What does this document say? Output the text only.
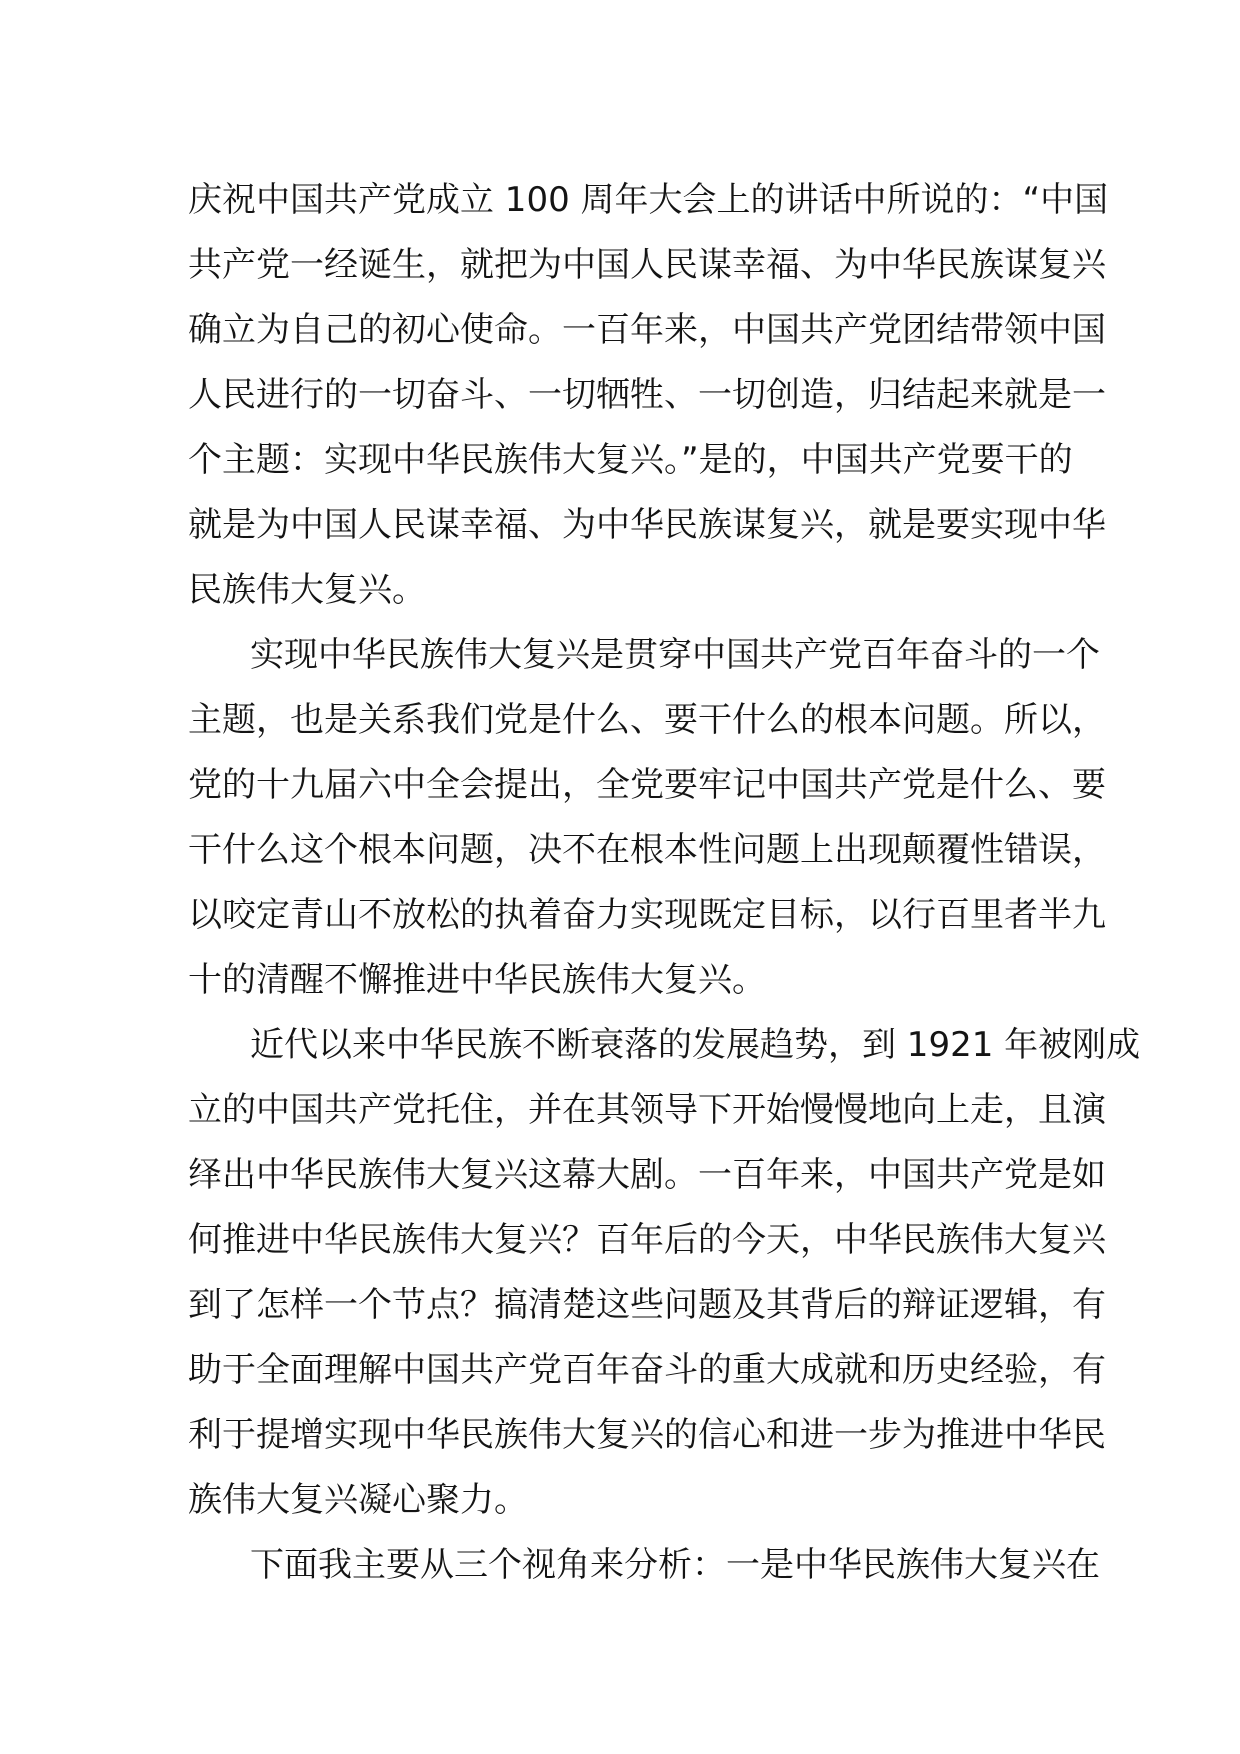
庆祝中国共产党成立 100 周年大会上的讲话中所说的：“中国
共产党一经诞生，就把为中国人民谋幸福、为中华民族谋复兴
确立为自己的初心使命。一百年来，中国共产党团结带领中国
人民进行的一切奋斗、一切牺牲、一切创造，归结起来就是一
个主题：实现中华民族伟大复兴。”是的，中国共产党要干的
就是为中国人民谋幸福、为中华民族谋复兴，就是要实现中华
民族伟大复兴。
实现中华民族伟大复兴是贯穿中国共产党百年奋斗的一个
主题，也是关系我们党是什么、要干什么的根本问题。所以，
党的十九届六中全会提出，全党要牢记中国共产党是什么、要
干什么这个根本问题，决不在根本性问题上出现颠覆性错误，
以咬定青山不放松的执着奋力实现既定目标，以行百里者半九
十的清醒不懈推进中华民族伟大复兴。
近代以来中华民族不断衰落的发展趋势，到 1921 年被刚成
立的中国共产党托住，并在其领导下开始慢慢地向上走，且演
绎出中华民族伟大复兴这幕大剧。一百年来，中国共产党是如
何推进中华民族伟大复兴？百年后的今天，中华民族伟大复兴
到了怎样一个节点？搞清楚这些问题及其背后的辩证逻辑，有
助于全面理解中国共产党百年奋斗的重大成就和历史经验，有
利于提增实现中华民族伟大复兴的信心和进一步为推进中华民
族伟大复兴凝心聚力。
下面我主要从三个视角来分析：一是中华民族伟大复兴在
